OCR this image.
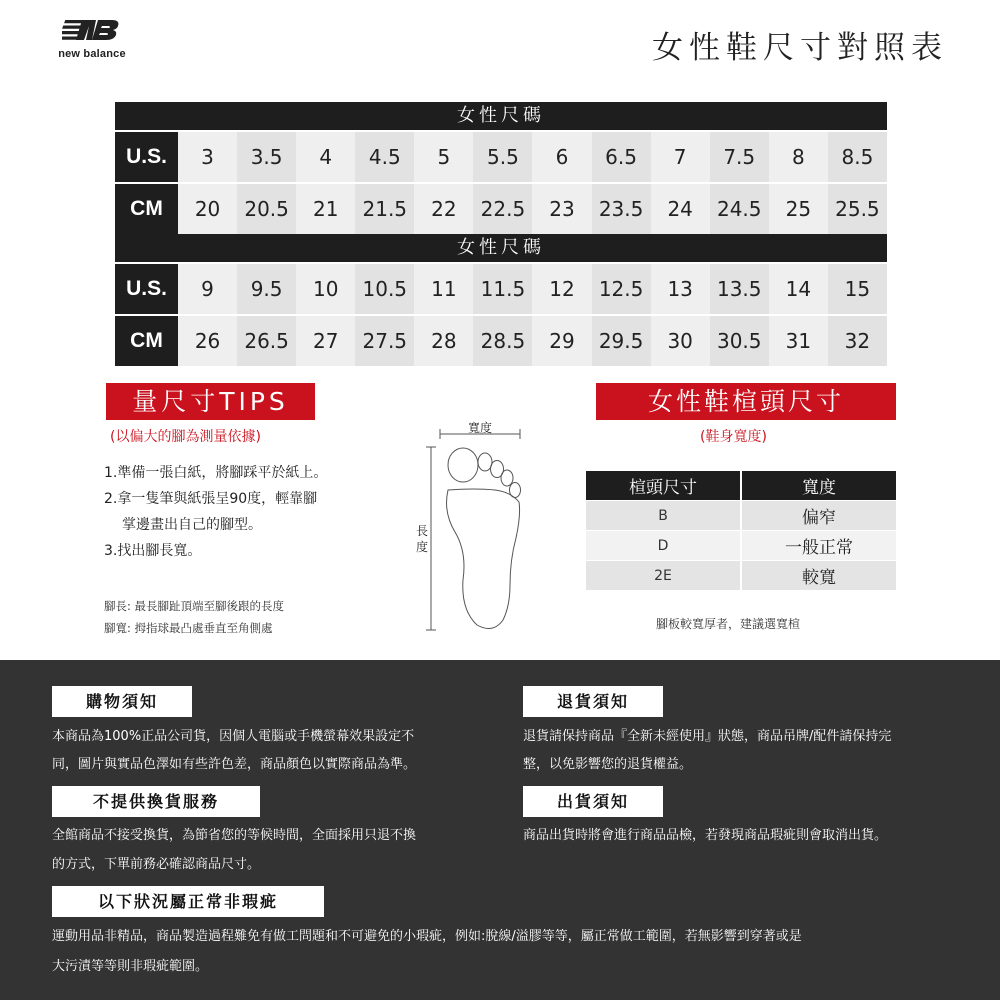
new balance	女性鞋尺寸對照表
女性尺碼
U.S.	3	3.5	4	4.5	5	5.5	6	6.5	7	7.5	8	8.5
CM	20	20.5	21	21.5	22	22.5	23	23.5	24	24.5	25	25.5
女性尺碼
U.S.	9	9.5	10	10.5	11	11.5	12	12.5	13	13.5	14	15
CM	26	26.5	27	27.5	28	28.5	29	29.5	30	30.5	31	32
量尺寸TIPS
(以偏大的腳為測量依據)
1.準備一張白紙，將腳踩平於紙上。
2.拿一隻筆與紙張呈90度，輕靠腳
掌邊畫出自己的腳型。
3.找出腳長寬。
腳長: 最長腳趾頂端至腳後跟的長度
腳寬: 拇指球最凸處垂直至角側處
寬度
長度
女性鞋楦頭尺寸
(鞋身寬度)
楦頭尺寸	寬度
B	偏窄
D	一般正常
2E	較寬
腳板較寬厚者，建議選寬楦
購物須知
本商品為100%正品公司貨，因個人電腦或手機螢幕效果設定不
同，圖片與實品色澤如有些許色差，商品顏色以實際商品為準。
退貨須知
退貨請保持商品『全新未經使用』狀態，商品吊牌/配件請保持完
整，以免影響您的退貨權益。
不提供換貨服務
全館商品不接受換貨，為節省您的等候時間，全面採用只退不換
的方式，下單前務必確認商品尺寸。
出貨須知
商品出貨時將會進行商品品檢，若發現商品瑕疵則會取消出貨。
以下狀況屬正常非瑕疵
運動用品非精品，商品製造過程難免有做工問題和不可避免的小瑕疵，例如:脫線/溢膠等等，屬正常做工範圍，若無影響到穿著或是
大污漬等等則非瑕疵範圍。
